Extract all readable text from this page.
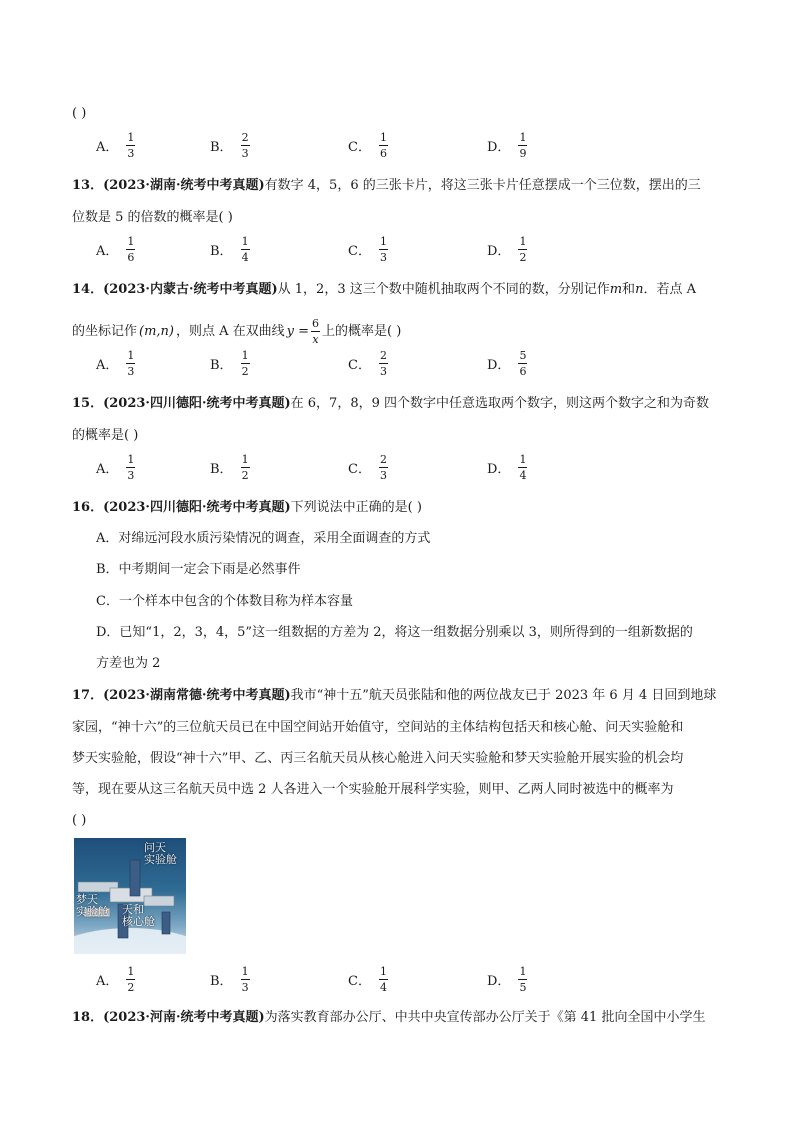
( )
A． $\frac{1}{3}$	B． $\frac{2}{3}$	C． $\frac{1}{6}$	D． $\frac{1}{9}$
13．(2023·湖南·统考中考真题)有数字 4，5，6 的三张卡片，将这三张卡片任意摆成一个三位数，摆出的三
位数是 5 的倍数的概率是( )
A． $\frac{1}{6}$	B． $\frac{1}{4}$	C． $\frac{1}{3}$	D． $\frac{1}{2}$
14．(2023·内蒙古·统考中考真题)从 1，2，3 这三个数中随机抽取两个不同的数，分别记作m和n．若点 A
的坐标记作 (m,n) ，则点 A 在双曲线 $y = \frac{6}{x}$ 上的概率是( )
A． $\frac{1}{3}$	B． $\frac{1}{2}$	C． $\frac{2}{3}$	D． $\frac{5}{6}$
15．(2023·四川德阳·统考中考真题)在 6，7，8，9 四个数字中任意选取两个数字，则这两个数字之和为奇数
的概率是( )
A． $\frac{1}{3}$	B． $\frac{1}{2}$	C． $\frac{2}{3}$	D． $\frac{1}{4}$
16．(2023·四川德阳·统考中考真题)下列说法中正确的是( )
A．对绵远河段水质污染情况的调查，采用全面调查的方式
B．中考期间一定会下雨是必然事件
C．一个样本中包含的个体数目称为样本容量
D．已知“1，2，3，4，5”这一组数据的方差为 2，将这一组数据分别乘以 3，则所得到的一组新数据的
方差也为 2
17．(2023·湖南常德·统考中考真题)我市“神十五”航天员张陆和他的两位战友已于 2023 年 6 月 4 日回到地球
家园，“神十六”的三位航天员已在中国空间站开始值守，空间站的主体结构包括天和核心舱、问天实验舱和
梦天实验舱，假设“神十六”甲、乙、丙三名航天员从核心舱进入问天实验舱和梦天实验舱开展实验的机会均
等，现在要从这三名航天员中选 2 人各进入一个实验舱开展科学实验，则甲、乙两人同时被选中的概率为
( )
问天
实验舱
梦天
实验舱	天和
核心舱
A． $\frac{1}{2}$	B． $\frac{1}{3}$	C． $\frac{1}{4}$	D． $\frac{1}{5}$
18．(2023·河南·统考中考真题)为落实教育部办公厅、中共中央宣传部办公厅关于《第 41 批向全国中小学生
